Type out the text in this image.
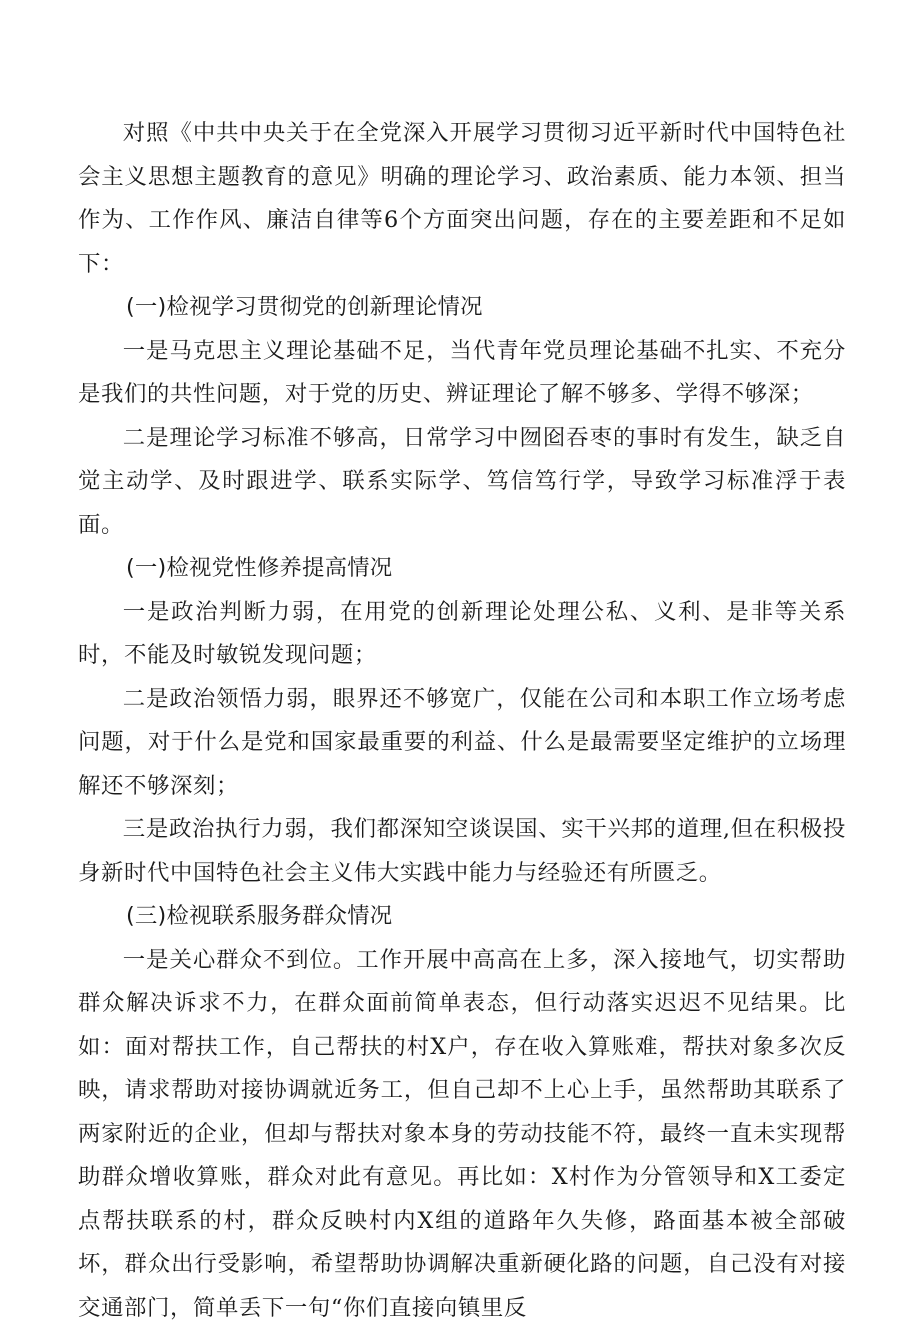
对照《中共中央关于在全党深入开展学习贯彻习近平新时代中国特色社会主义思想主题教育的意见》明确的理论学习、政治素质、能力本领、担当作为、工作作风、廉洁自律等6个方面突出问题，存在的主要差距和不足如下：

(一)检视学习贯彻党的创新理论情况

一是马克思主义理论基础不足，当代青年党员理论基础不扎实、不充分是我们的共性问题，对于党的历史、辨证理论了解不够多、学得不够深；

二是理论学习标准不够高，日常学习中囫囵吞枣的事时有发生，缺乏自觉主动学、及时跟进学、联系实际学、笃信笃行学，导致学习标准浮于表面。

(一)检视党性修养提高情况

一是政治判断力弱，在用党的创新理论处理公私、义利、是非等关系时，不能及时敏锐发现问题；

二是政治领悟力弱，眼界还不够宽广，仅能在公司和本职工作立场考虑问题，对于什么是党和国家最重要的利益、什么是最需要坚定维护的立场理解还不够深刻；

三是政治执行力弱，我们都深知空谈误国、实干兴邦的道理,但在积极投身新时代中国特色社会主义伟大实践中能力与经验还有所匮乏。

(三)检视联系服务群众情况

一是关心群众不到位。工作开展中高高在上多，深入接地气，切实帮助群众解决诉求不力，在群众面前简单表态，但行动落实迟迟不见结果。比如：面对帮扶工作，自己帮扶的村X户，存在收入算账难，帮扶对象多次反映，请求帮助对接协调就近务工，但自己却不上心上手，虽然帮助其联系了两家附近的企业，但却与帮扶对象本身的劳动技能不符，最终一直未实现帮助群众增收算账，群众对此有意见。再比如：X村作为分管领导和X工委定点帮扶联系的村，群众反映村内X组的道路年久失修，路面基本被全部破坏，群众出行受影响，希望帮助协调解决重新硬化路的问题，自己没有对接交通部门，简单丢下一句“你们直接向镇里反
